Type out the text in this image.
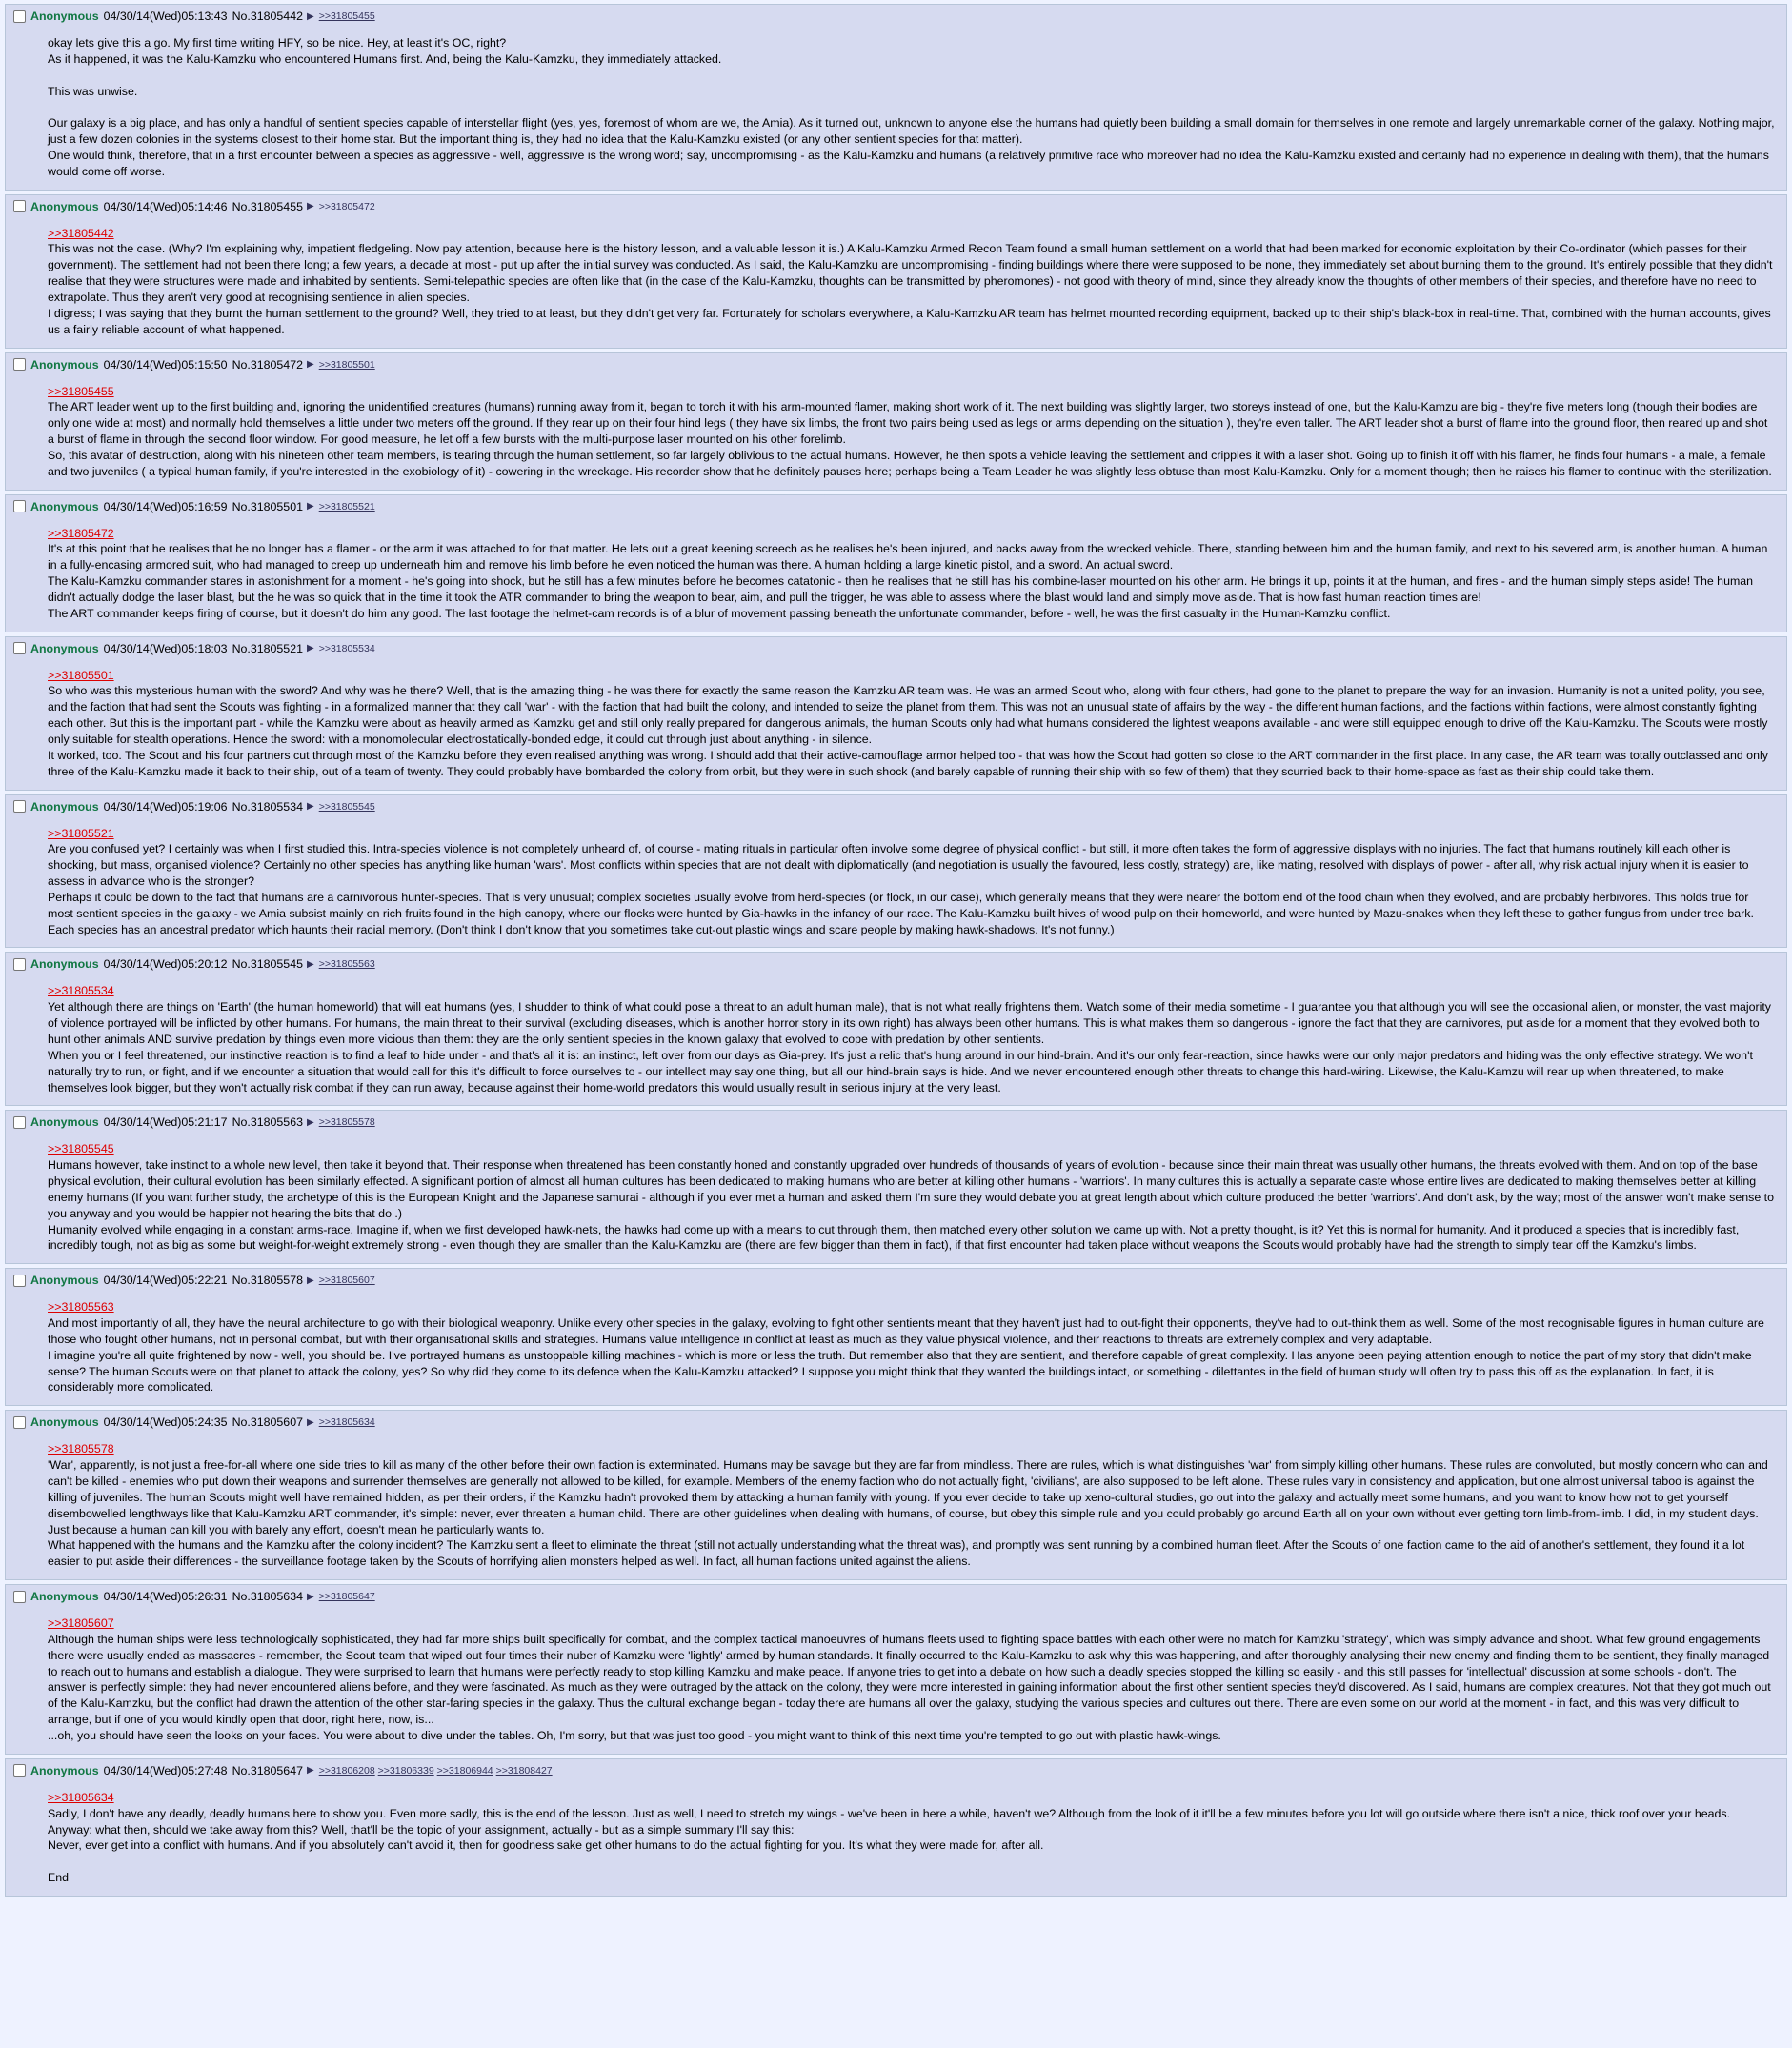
Anonymous 04/30/14(Wed)05:13:43 No.31805442 ▶ >>31805455

okay lets give this a go. My first time writing HFY, so be nice. Hey, at least it's OC, right?

As it happened, it was the Kalu-Kamzku who encountered Humans first. And, being the Kalu-Kamzku, they immediately attacked.

This was unwise.

Our galaxy is a big place, and has only a handful of sentient species capable of interstellar flight (yes, yes, foremost of whom are we, the Amia). As it turned out, unknown to anyone else the humans had quietly been building a small domain for themselves in one remote and largely unremarkable corner of the galaxy. Nothing major, just a few dozen colonies in the systems closest to their home star. But the important thing is, they had no idea that the Kalu-Kamzku existed (or any other sentient species for that matter).

One would think, therefore, that in a first encounter between a species as aggressive - well, aggressive is the wrong word; say, uncompromising - as the Kalu-Kamzku and humans (a relatively primitive race who moreover had no idea the Kalu-Kamzku existed and certainly had no experience in dealing with them), that the humans would come off worse.

Anonymous 04/30/14(Wed)05:14:46 No.31805455 ▶ >>31805472

>>31805442

This was not the case. (Why? I'm explaining why, impatient fledgeling. Now pay attention, because here is the history lesson, and a valuable lesson it is.) A Kalu-Kamzku Armed Recon Team found a small human settlement on a world that had been marked for economic exploitation by their Co-ordinator (which passes for their government). The settlement had not been there long; a few years, a decade at most - put up after the initial survey was conducted. As I said, the Kalu-Kamzku are uncompromising - finding buildings where there were supposed to be none, they immediately set about burning them to the ground. It's entirely possible that they didn't realise that they were structures were made and inhabited by sentients. Semi-telepathic species are often like that (in the case of the Kalu-Kamzku, thoughts can be transmitted by pheromones) - not good with theory of mind, since they already know the thoughts of other members of their species, and therefore have no need to extrapolate. Thus they aren't very good at recognising sentience in alien species.

I digress; I was saying that they burnt the human settlement to the ground? Well, they tried to at least, but they didn't get very far. Fortunately for scholars everywhere, a Kalu-Kamzku AR team has helmet mounted recording equipment, backed up to their ship's black-box in real-time. That, combined with the human accounts, gives us a fairly reliable account of what happened.

Anonymous 04/30/14(Wed)05:15:50 No.31805472 ▶ >>31805501

>>31805455

The ART leader went up to the first building and, ignoring the unidentified creatures (humans) running away from it, began to torch it with his arm-mounted flamer, making short work of it. The next building was slightly larger, two storeys instead of one, but the Kalu-Kamzu are big - they're five meters long (though their bodies are only one wide at most) and normally hold themselves a little under two meters off the ground. If they rear up on their four hind legs ( they have six limbs, the front two pairs being used as legs or arms depending on the situation ), they're even taller. The ART leader shot a burst of flame into the ground floor, then reared up and shot a burst of flame in through the second floor window. For good measure, he let off a few bursts with the multi-purpose laser mounted on his other forelimb.

So, this avatar of destruction, along with his nineteen other team members, is tearing through the human settlement, so far largely oblivious to the actual humans. However, he then spots a vehicle leaving the settlement and cripples it with a laser shot. Going up to finish it off with his flamer, he finds four humans - a male, a female and two juveniles ( a typical human family, if you're interested in the exobiology of it) - cowering in the wreckage. His recorder show that he definitely pauses here; perhaps being a Team Leader he was slightly less obtuse than most Kalu-Kamzku. Only for a moment though; then he raises his flamer to continue with the sterilization.

Anonymous 04/30/14(Wed)05:16:59 No.31805501 ▶ >>31805521

>>31805472

It's at this point that he realises that he no longer has a flamer - or the arm it was attached to for that matter. He lets out a great keening screech as he realises he's been injured, and backs away from the wrecked vehicle. There, standing between him and the human family, and next to his severed arm, is another human. A human in a fully-encasing armored suit, who had managed to creep up underneath him and remove his limb before he even noticed the human was there. A human holding a large kinetic pistol, and a sword. An actual sword.

The Kalu-Kamzku commander stares in astonishment for a moment - he's going into shock, but he still has a few minutes before he becomes catatonic - then he realises that he still has his combine-laser mounted on his other arm. He brings it up, points it at the human, and fires - and the human simply steps aside! The human didn't actually dodge the laser blast, but the he was so quick that in the time it took the ATR commander to bring the weapon to bear, aim, and pull the trigger, he was able to assess where the blast would land and simply move aside. That is how fast human reaction times are!

The ART commander keeps firing of course, but it doesn't do him any good. The last footage the helmet-cam records is of a blur of movement passing beneath the unfortunate commander, before - well, he was the first casualty in the Human-Kamzku conflict.

Anonymous 04/30/14(Wed)05:18:03 No.31805521 ▶ >>31805534

>>31805501

So who was this mysterious human with the sword? And why was he there? Well, that is the amazing thing - he was there for exactly the same reason the Kamzku AR team was. He was an armed Scout who, along with four others, had gone to the planet to prepare the way for an invasion. Humanity is not a united polity, you see, and the faction that had sent the Scouts was fighting - in a formalized manner that they call 'war' - with the faction that had built the colony, and intended to seize the planet from them. This was not an unusual state of affairs by the way - the different human factions, and the factions within factions, were almost constantly fighting each other. But this is the important part - while the Kamzku were about as heavily armed as Kamzku get and still only really prepared for dangerous animals, the human Scouts only had what humans considered the lightest weapons available - and were still equipped enough to drive off the Kalu-Kamzku. The Scouts were mostly only suitable for stealth operations. Hence the sword: with a monomolecular electrostatically-bonded edge, it could cut through just about anything - in silence.

It worked, too. The Scout and his four partners cut through most of the Kamzku before they even realised anything was wrong. I should add that their active-camouflage armor helped too - that was how the Scout had gotten so close to the ART commander in the first place. In any case, the AR team was totally outclassed and only three of the Kalu-Kamzku made it back to their ship, out of a team of twenty. They could probably have bombarded the colony from orbit, but they were in such shock (and barely capable of running their ship with so few of them) that they scurried back to their home-space as fast as their ship could take them.

Anonymous 04/30/14(Wed)05:19:06 No.31805534 ▶ >>31805545

>>31805521

Are you confused yet? I certainly was when I first studied this. Intra-species violence is not completely unheard of, of course - mating rituals in particular often involve some degree of physical conflict - but still, it more often takes the form of aggressive displays with no injuries. The fact that humans routinely kill each other is shocking, but mass, organised violence? Certainly no other species has anything like human 'wars'. Most conflicts within species that are not dealt with diplomatically (and negotiation is usually the favoured, less costly, strategy) are, like mating, resolved with displays of power - after all, why risk actual injury when it is easier to assess in advance who is the stronger?

Perhaps it could be down to the fact that humans are a carnivorous hunter-species. That is very unusual; complex societies usually evolve from herd-species (or flock, in our case), which generally means that they were nearer the bottom end of the food chain when they evolved, and are probably herbivores. This holds true for most sentient species in the galaxy - we Amia subsist mainly on rich fruits found in the high canopy, where our flocks were hunted by Gia-hawks in the infancy of our race. The Kalu-Kamzku built hives of wood pulp on their homeworld, and were hunted by Mazu-snakes when they left these to gather fungus from under tree bark. Each species has an ancestral predator which haunts their racial memory. (Don't think I don't know that you sometimes take cut-out plastic wings and scare people by making hawk-shadows. It's not funny.)

Anonymous 04/30/14(Wed)05:20:12 No.31805545 ▶ >>31805563

>>31805534

Yet although there are things on 'Earth' (the human homeworld) that will eat humans (yes, I shudder to think of what could pose a threat to an adult human male), that is not what really frightens them. Watch some of their media sometime - I guarantee you that although you will see the occasional alien, or monster, the vast majority of violence portrayed will be inflicted by other humans. For humans, the main threat to their survival (excluding diseases, which is another horror story in its own right) has always been other humans. This is what makes them so dangerous - ignore the fact that they are carnivores, put aside for a moment that they evolved both to hunt other animals AND survive predation by things even more vicious than them: they are the only sentient species in the known galaxy that evolved to cope with predation by other sentients.

When you or I feel threatened, our instinctive reaction is to find a leaf to hide under - and that's all it is: an instinct, left over from our days as Gia-prey. It's just a relic that's hung around in our hind-brain. And it's our only fear-reaction, since hawks were our only major predators and hiding was the only effective strategy. We won't naturally try to run, or fight, and if we encounter a situation that would call for this it's difficult to force ourselves to - our intellect may say one thing, but all our hind-brain says is hide. And we never encountered enough other threats to change this hard-wiring. Likewise, the Kalu-Kamzu will rear up when threatened, to make themselves look bigger, but they won't actually risk combat if they can run away, because against their home-world predators this would usually result in serious injury at the very least.

Anonymous 04/30/14(Wed)05:21:17 No.31805563 ▶ >>31805578

>>31805545

Humans however, take instinct to a whole new level, then take it beyond that. Their response when threatened has been constantly honed and constantly upgraded over hundreds of thousands of years of evolution - because since their main threat was usually other humans, the threats evolved with them. And on top of the base physical evolution, their cultural evolution has been similarly effected. A significant portion of almost all human cultures has been dedicated to making humans who are better at killing other humans - 'warriors'. In many cultures this is actually a separate caste whose entire lives are dedicated to making themselves better at killing enemy humans (If you want further study, the archetype of this is the European Knight and the Japanese samurai - although if you ever met a human and asked them I'm sure they would debate you at great length about which culture produced the better 'warriors'. And don't ask, by the way; most of the answer won't make sense to you anyway and you would be happier not hearing the bits that do .)

Humanity evolved while engaging in a constant arms-race. Imagine if, when we first developed hawk-nets, the hawks had come up with a means to cut through them, then matched every other solution we came up with. Not a pretty thought, is it? Yet this is normal for humanity. And it produced a species that is incredibly fast, incredibly tough, not as big as some but weight-for-weight extremely strong - even though they are smaller than the Kalu-Kamzku are (there are few bigger than them in fact), if that first encounter had taken place without weapons the Scouts would probably have had the strength to simply tear off the Kamzku's limbs.

Anonymous 04/30/14(Wed)05:22:21 No.31805578 ▶ >>31805607

>>31805563

And most importantly of all, they have the neural architecture to go with their biological weaponry. Unlike every other species in the galaxy, evolving to fight other sentients meant that they haven't just had to out-fight their opponents, they've had to out-think them as well. Some of the most recognisable figures in human culture are those who fought other humans, not in personal combat, but with their organisational skills and strategies. Humans value intelligence in conflict at least as much as they value physical violence, and their reactions to threats are extremely complex and very adaptable.

I imagine you're all quite frightened by now - well, you should be. I've portrayed humans as unstoppable killing machines - which is more or less the truth. But remember also that they are sentient, and therefore capable of great complexity. Has anyone been paying attention enough to notice the part of my story that didn't make sense? The human Scouts were on that planet to attack the colony, yes? So why did they come to its defence when the Kalu-Kamzku attacked? I suppose you might think that they wanted the buildings intact, or something - dilettantes in the field of human study will often try to pass this off as the explanation. In fact, it is considerably more complicated.

Anonymous 04/30/14(Wed)05:24:35 No.31805607 ▶ >>31805634

>>31805578

'War', apparently, is not just a free-for-all where one side tries to kill as many of the other before their own faction is exterminated. Humans may be savage but they are far from mindless. There are rules, which is what distinguishes 'war' from simply killing other humans. These rules are convoluted, but mostly concern who can and can't be killed - enemies who put down their weapons and surrender themselves are generally not allowed to be killed, for example. Members of the enemy faction who do not actually fight, 'civilians', are also supposed to be left alone. These rules vary in consistency and application, but one almost universal taboo is against the killing of juveniles. The human Scouts might well have remained hidden, as per their orders, if the Kamzku hadn't provoked them by attacking a human family with young. If you ever decide to take up xeno-cultural studies, go out into the galaxy and actually meet some humans, and you want to know how not to get yourself disembowelled lengthways like that Kalu-Kamzku ART commander, it's simple: never, ever threaten a human child. There are other guidelines when dealing with humans, of course, but obey this simple rule and you could probably go around Earth all on your own without ever getting torn limb-from-limb. I did, in my student days. Just because a human can kill you with barely any effort, doesn't mean he particularly wants to.

What happened with the humans and the Kamzku after the colony incident? The Kamzku sent a fleet to eliminate the threat (still not actually understanding what the threat was), and promptly was sent running by a combined human fleet. After the Scouts of one faction came to the aid of another's settlement, they found it a lot easier to put aside their differences - the surveillance footage taken by the Scouts of horrifying alien monsters helped as well. In fact, all human factions united against the aliens.

Anonymous 04/30/14(Wed)05:26:31 No.31805634 ▶ >>31805647

>>31805607

Although the human ships were less technologically sophisticated, they had far more ships built specifically for combat, and the complex tactical manoeuvres of humans fleets used to fighting space battles with each other were no match for Kamzku 'strategy', which was simply advance and shoot. What few ground engagements there were usually ended as massacres - remember, the Scout team that wiped out four times their nuber of Kamzku were 'lightly' armed by human standards. It finally occurred to the Kalu-Kamzku to ask why this was happening, and after thoroughly analysing their new enemy and finding them to be sentient, they finally managed to reach out to humans and establish a dialogue. They were surprised to learn that humans were perfectly ready to stop killing Kamzku and make peace. If anyone tries to get into a debate on how such a deadly species stopped the killing so easily - and this still passes for 'intellectual' discussion at some schools - don't. The answer is perfectly simple: they had never encountered aliens before, and they were fascinated. As much as they were outraged by the attack on the colony, they were more interested in gaining information about the first other sentient species they'd discovered. As I said, humans are complex creatures. Not that they got much out of the Kalu-Kamzku, but the conflict had drawn the attention of the other star-faring species in the galaxy. Thus the cultural exchange began - today there are humans all over the galaxy, studying the various species and cultures out there. There are even some on our world at the moment - in fact, and this was very difficult to arrange, but if one of you would kindly open that door, right here, now, is...

...oh, you should have seen the looks on your faces. You were about to dive under the tables. Oh, I'm sorry, but that was just too good - you might want to think of this next time you're tempted to go out with plastic hawk-wings.

Anonymous 04/30/14(Wed)05:27:48 No.31805647 ▶ >>31806208 >>31806339 >>31806944 >>31808427

>>31805634

Sadly, I don't have any deadly, deadly humans here to show you. Even more sadly, this is the end of the lesson. Just as well, I need to stretch my wings - we've been in here a while, haven't we? Although from the look of it it'll be a few minutes before you lot will go outside where there isn't a nice, thick roof over your heads. Anyway: what then, should we take away from this? Well, that'll be the topic of your assignment, actually - but as a simple summary I'll say this:

Never, ever get into a conflict with humans. And if you absolutely can't avoid it, then for goodness sake get other humans to do the actual fighting for you. It's what they were made for, after all.

End
